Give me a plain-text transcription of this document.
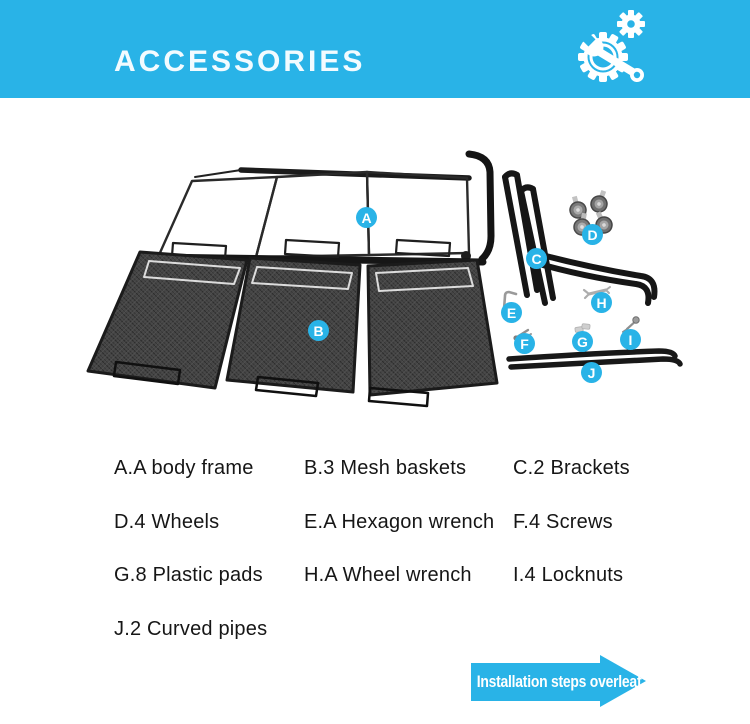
ACCESSORIES
A
B
C
D
E
F	G
H
I
J
A.A body frame	B.3 Mesh baskets C.2 Brackets
D.4 Wheels	E.A Hexagon wrench F.4 Screws
G.8 Plastic pads H.A Wheel wrench I.4 Locknuts
J.2 Curved pipes
Installation steps overleaf
